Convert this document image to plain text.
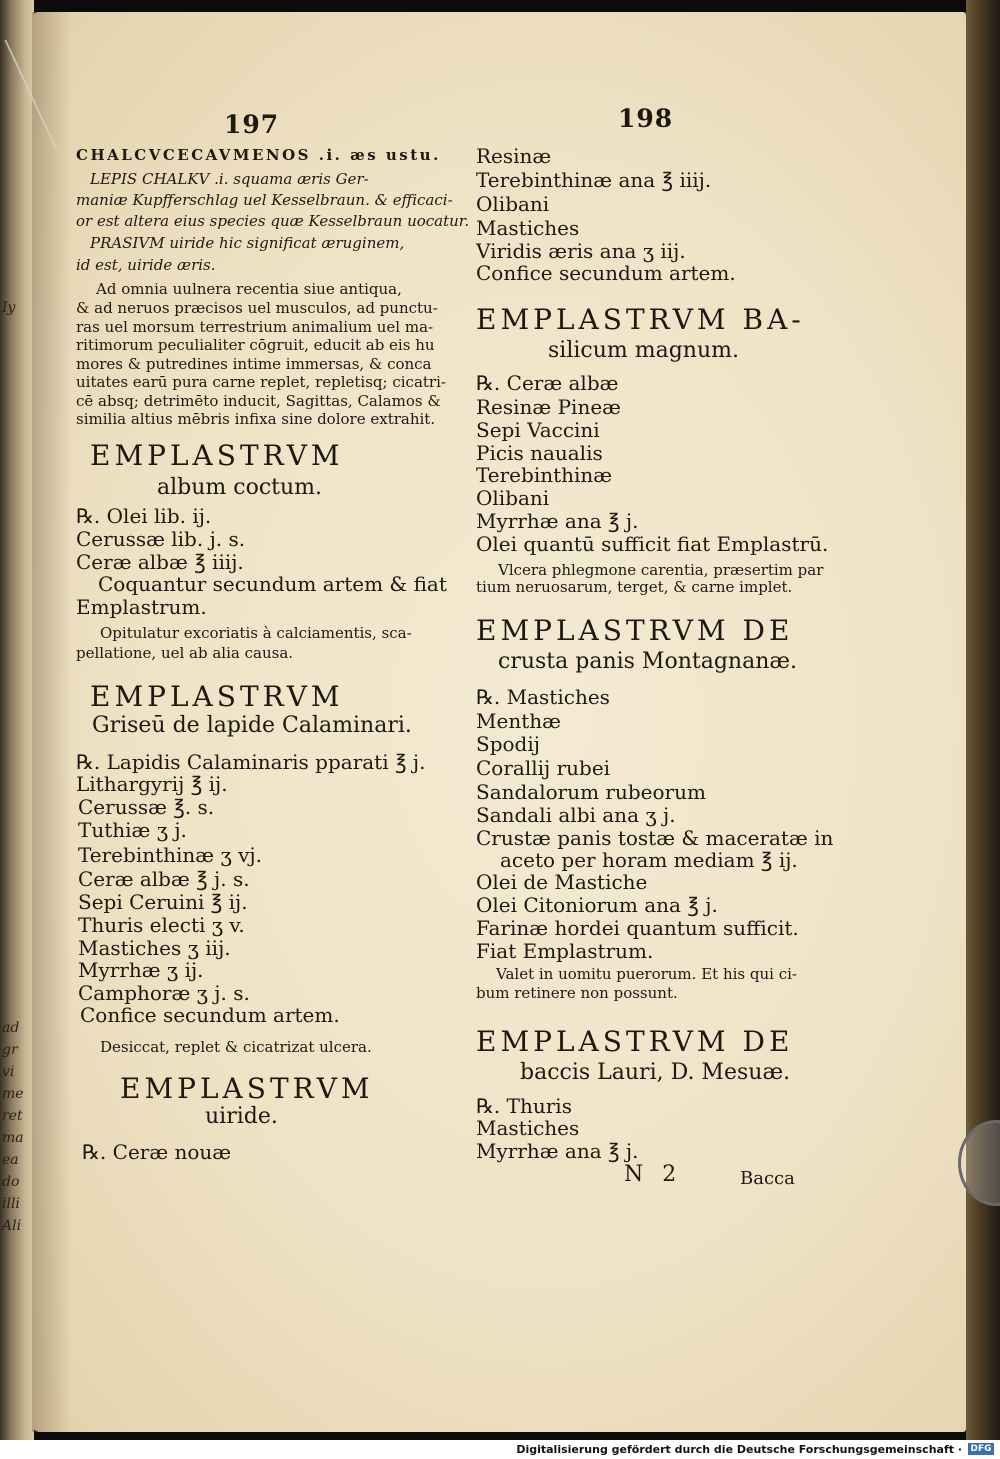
ad
gr
vi
me
ret
ma
ea
do
illi
Ali
Iy
197	198
CHALCVCECAVMENOS .i. æs ustu.
LEPIS CHALKV .i. squama æris Ger-
maniæ Kupfferschlag uel Kesselbraun. & efficaci-
or est altera eius species quæ Kesselbraun uocatur.
PRASIVM uiride hic significat æruginem,
id est, uiride æris.
Ad omnia uulnera recentia siue antiqua,
& ad neruos præcisos uel musculos, ad punctu-
ras uel morsum terrestrium animalium uel ma-
ritimorum peculialiter cōgruit, educit ab eis hu
mores & putredines intime immersas, & conca
uitates earū pura carne replet, repletisq; cicatri-
cē absq; detrimēto inducit, Sagittas, Calamos &
similia altius mēbris infixa sine dolore extrahit.
EMPLASTRVM
album coctum.
℞. Olei lib. ij.
Cerussæ lib. j. s.
Ceræ albæ ℥ iiij.
Coquantur secundum artem & fiat
Emplastrum.
Opitulatur excoriatis à calciamentis, sca-
pellatione, uel ab alia causa.
EMPLASTRVM
Griseū de lapide Calaminari.
℞. Lapidis Calaminaris pparati ℥ j.
Lithargyrij ℥ ij.
Cerussæ ℥. s.
Tuthiæ ʒ j.
Terebinthinæ ʒ vj.
Ceræ albæ ℥ j. s.
Sepi Ceruini ℥ ij.
Thuris electi ʒ v.
Mastiches ʒ iij.
Myrrhæ ʒ ij.
Camphoræ ʒ j. s.
Confice secundum artem.
Desiccat, replet & cicatrizat ulcera.
EMPLASTRVM
uiride.
℞. Ceræ nouæ
Resinæ
Terebinthinæ ana ℥ iiij.
Olibani
Mastiches
Viridis æris ana ʒ iij.
Confice secundum artem.
EMPLASTRVM BA-
silicum magnum.
℞. Ceræ albæ
Resinæ Pineæ
Sepi Vaccini
Picis naualis
Terebinthinæ
Olibani
Myrrhæ ana ℥ j.
Olei quantū sufficit fiat Emplastrū.
Vlcera phlegmone carentia, præsertim par
tium neruosarum, terget, & carne implet.
EMPLASTRVM DE
crusta panis Montagnanæ.
℞. Mastiches
Menthæ
Spodij
Corallij rubei
Sandalorum rubeorum
Sandali albi ana ʒ j.
Crustæ panis tostæ & maceratæ in
aceto per horam mediam ℥ ij.
Olei de Mastiche
Olei Citoniorum ana ℥ j.
Farinæ hordei quantum sufficit.
Fiat Emplastrum.
Valet in uomitu puerorum. Et his qui ci-
bum retinere non possunt.
EMPLASTRVM DE
baccis Lauri, D. Mesuæ.
℞. Thuris
Mastiches
Myrrhæ ana ℥ j.
N 2	Bacca
Digitalisierung gefördert durch die Deutsche Forschungsgemeinschaft · DFG
